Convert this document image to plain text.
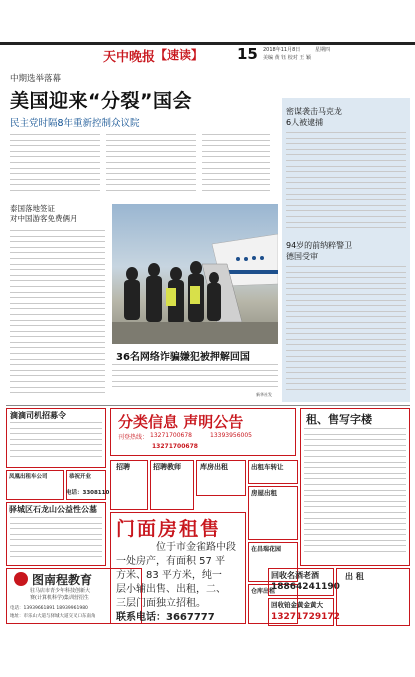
天中晚报 【速读】 15 2018年11月8日	星期四
美编 黄 钰 校对 王 颖
中期选举落幕
美国迎来“分裂”国会
民主党时隔8年重新控制众议院
密谋袭击马克龙
6人被逮捕
94岁的前纳粹警卫
德国受审
泰国落地签证
对中国游客免费俩月
36名网络诈骗嫌犯被押解回国
新华社发
分类信息 声明公告
刊登热线： 13271700678	13393956005
13271700678
滴滴司机招募令
凤凰出租车公司	恭祝开业
电话：3308110
驿城区石龙山公益性公墓
图南程教育
驻马店市青少年科技创新大
赛(计算机科学)集训营招生
电话：13939661891 18939961980
地址：市乐山大道与驿城大道交叉口东南角
招聘	招聘教师	库房出租	出租车转让
门面房租售
位于市金雀路中段
一处房产，有面积 57 平
方米、83 平方米，纯一
层小辅出售、出租，二、
三层门面独立招租。
联系电话：3667777
房屋出租
在昌瑞花园
仓库出租
租、售写字楼
回收名酒老酒
18864241190
回收铂金黄金黄大
13271729172
出 租
